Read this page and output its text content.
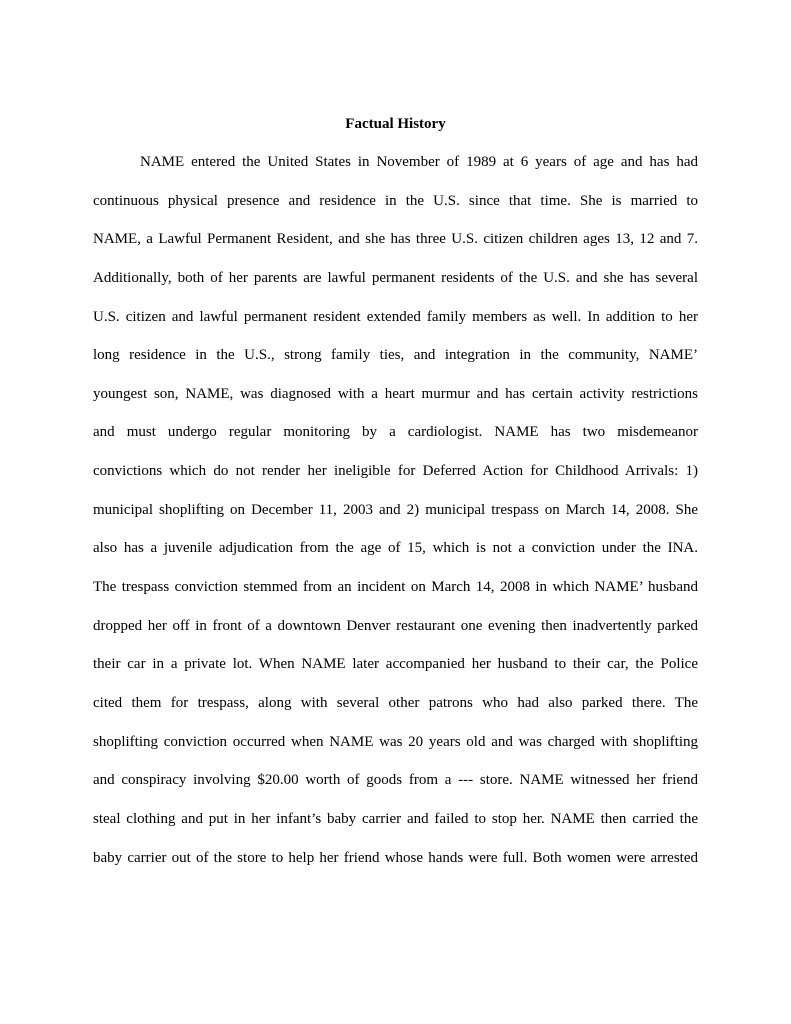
Factual History
NAME entered the United States in November of 1989 at 6 years of age and has had
continuous physical presence and residence in the U.S. since that time. She is married to
NAME, a Lawful Permanent Resident, and she has three U.S. citizen children ages 13, 12 and 7.
Additionally, both of her parents are lawful permanent residents of the U.S. and she has several
U.S. citizen and lawful permanent resident extended family members as well. In addition to her
long residence in the U.S., strong family ties, and integration in the community, NAME’
youngest son, NAME, was diagnosed with a heart murmur and has certain activity restrictions
and must undergo regular monitoring by a cardiologist. NAME has two misdemeanor
convictions which do not render her ineligible for Deferred Action for Childhood Arrivals: 1)
municipal shoplifting on December 11, 2003 and 2) municipal trespass on March 14, 2008. She
also has a juvenile adjudication from the age of 15, which is not a conviction under the INA.
The trespass conviction stemmed from an incident on March 14, 2008 in which NAME’ husband
dropped her off in front of a downtown Denver restaurant one evening then inadvertently parked
their car in a private lot. When NAME later accompanied her husband to their car, the Police
cited them for trespass, along with several other patrons who had also parked there. The
shoplifting conviction occurred when NAME was 20 years old and was charged with shoplifting
and conspiracy involving $20.00 worth of goods from a --- store. NAME witnessed her friend
steal clothing and put in her infant’s baby carrier and failed to stop her. NAME then carried the
baby carrier out of the store to help her friend whose hands were full. Both women were arrested
